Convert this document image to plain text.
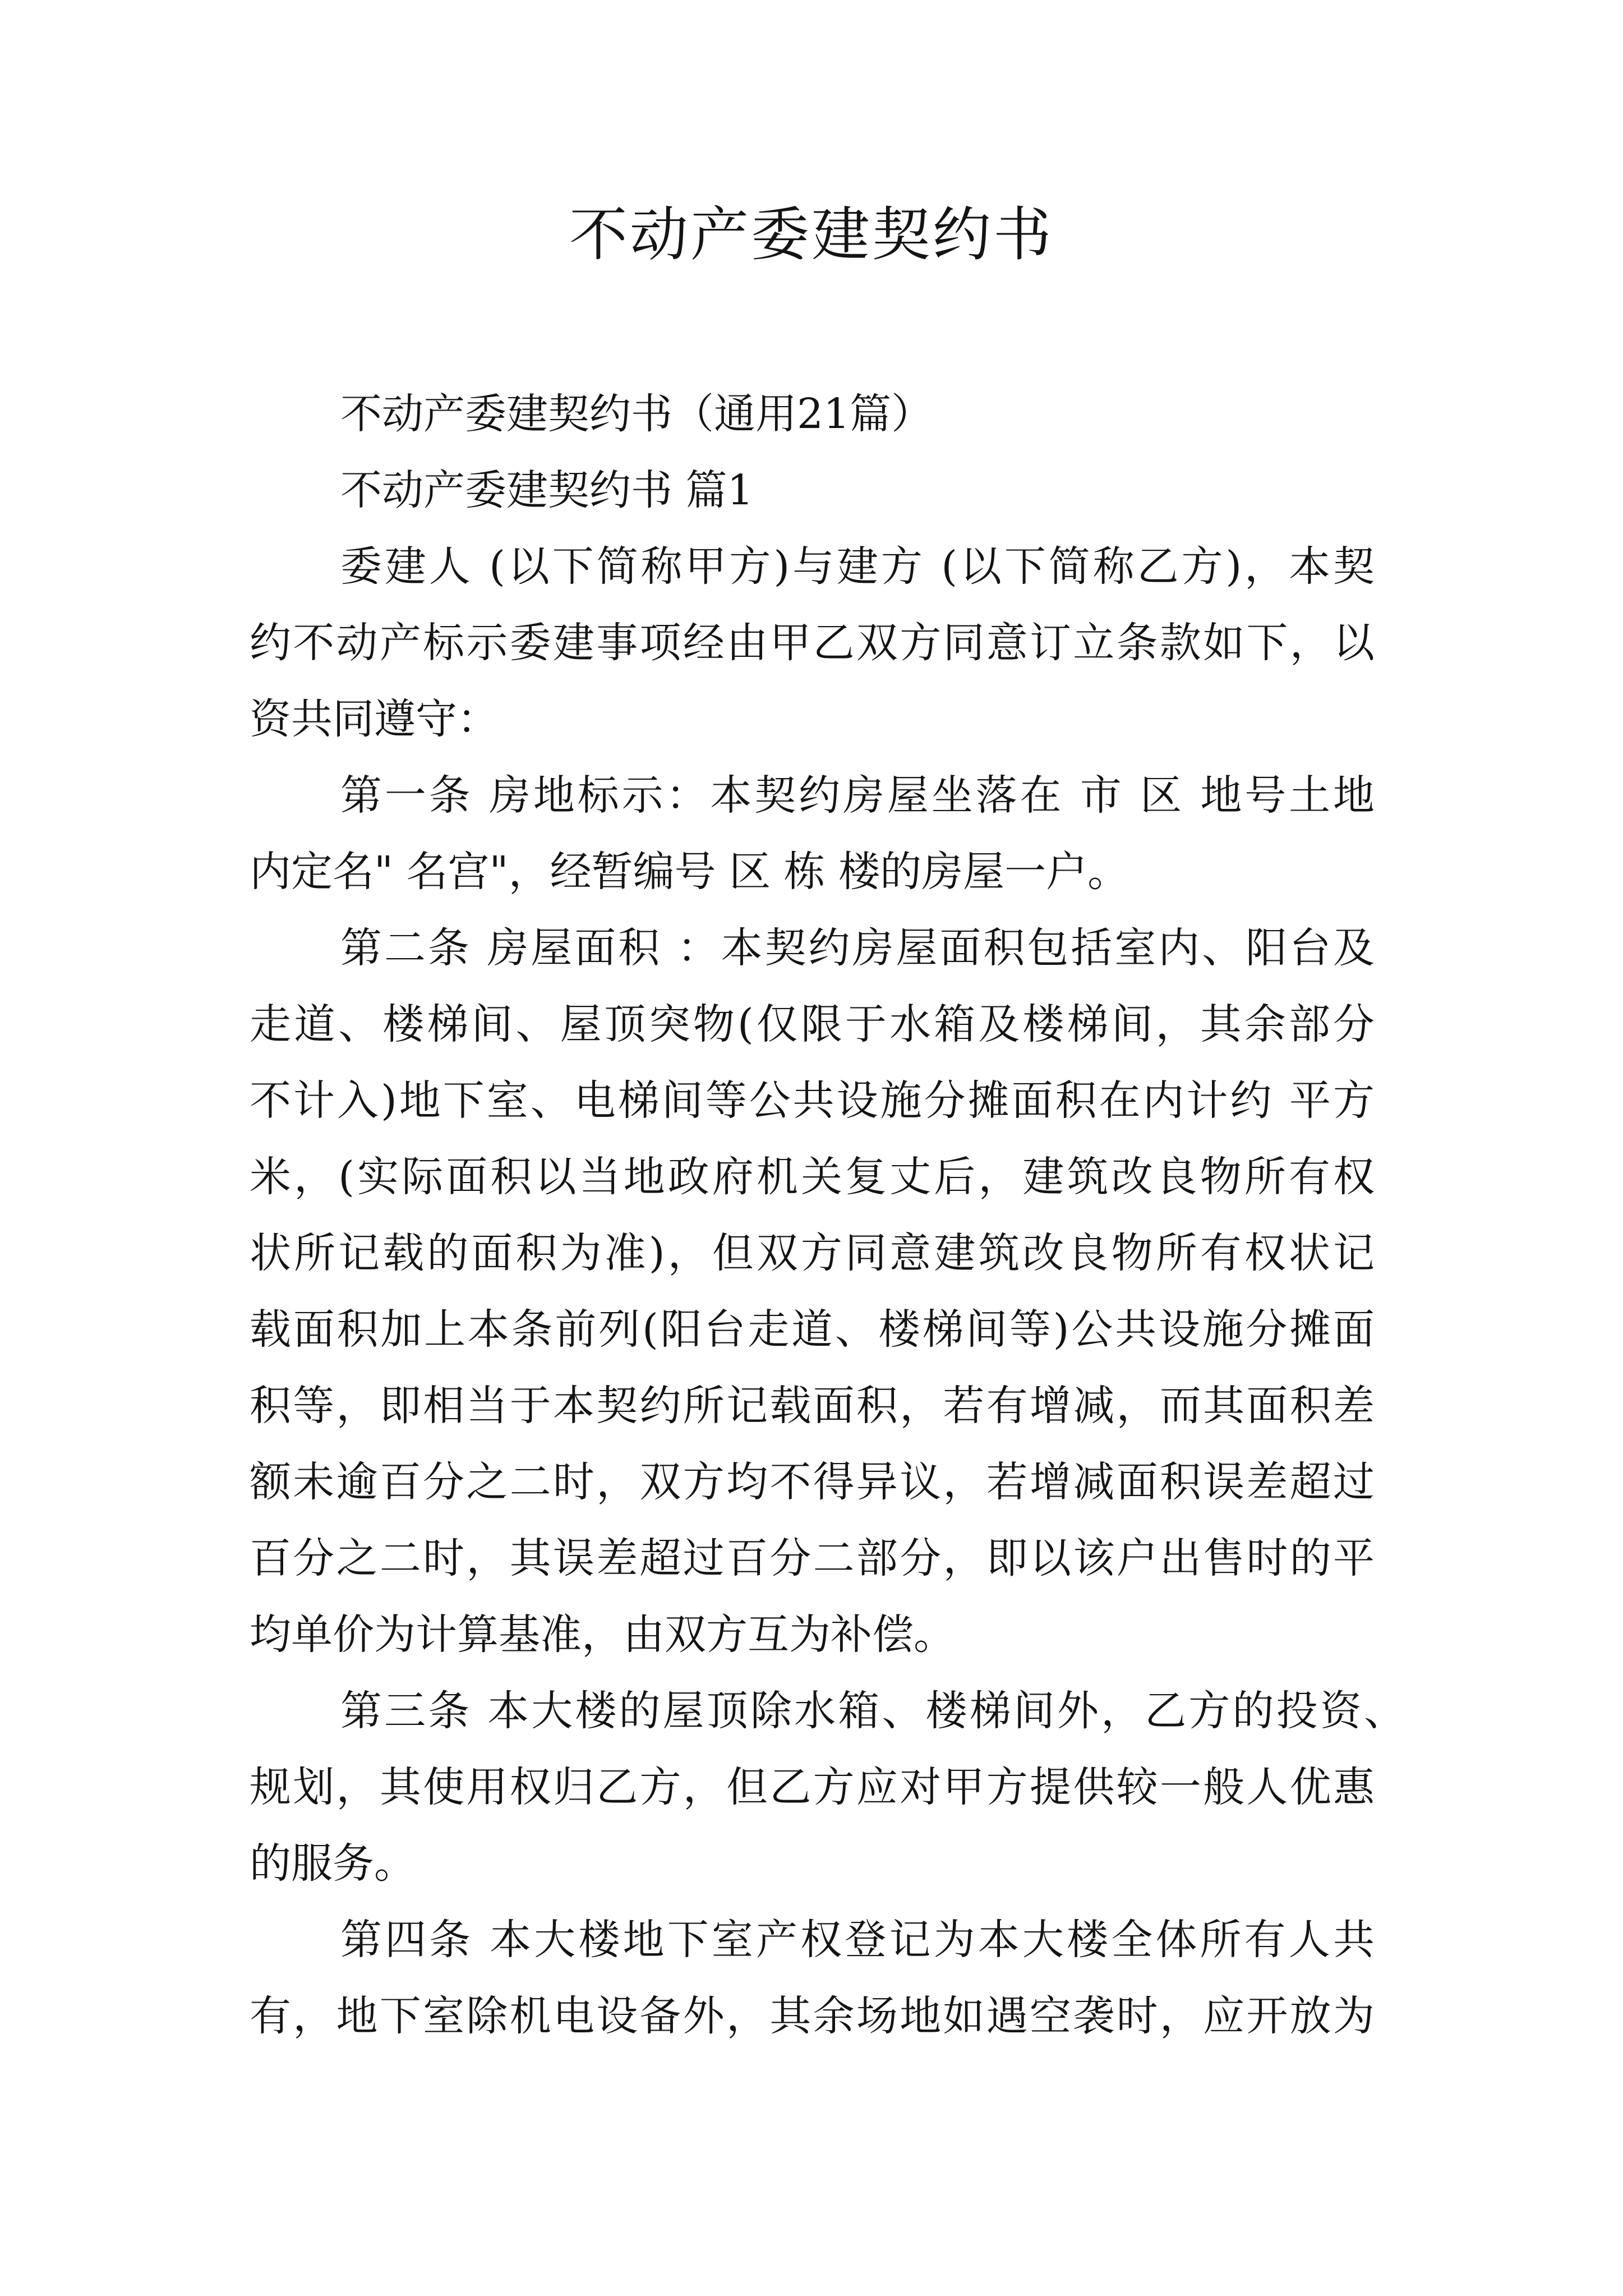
不动产委建契约书
不动产委建契约书（通用21篇）
不动产委建契约书 篇1
委建人 (以下简称甲方)与建方 (以下简称乙方)，本契
约不动产标示委建事项经由甲乙双方同意订立条款如下，以
资共同遵守：
第一条 房地标示：本契约房屋坐落在 市 区 地号土地
内定名" 名宫"，经暂编号 区 栋 楼的房屋一户。
第二条 房屋面积 ：本契约房屋面积包括室内、阳台及
走道、楼梯间、屋顶突物(仅限于水箱及楼梯间，其余部分
不计入)地下室、电梯间等公共设施分摊面积在内计约 平方
米，(实际面积以当地政府机关复丈后，建筑改良物所有权
状所记载的面积为准)，但双方同意建筑改良物所有权状记
载面积加上本条前列(阳台走道、楼梯间等)公共设施分摊面
积等，即相当于本契约所记载面积，若有增减，而其面积差
额未逾百分之二时，双方均不得异议，若增减面积误差超过
百分之二时，其误差超过百分二部分，即以该户出售时的平
均单价为计算基准，由双方互为补偿。
第三条 本大楼的屋顶除水箱、楼梯间外，乙方的投资、
规划，其使用权归乙方，但乙方应对甲方提供较一般人优惠
的服务。
第四条 本大楼地下室产权登记为本大楼全体所有人共
有，地下室除机电设备外，其余场地如遇空袭时，应开放为
